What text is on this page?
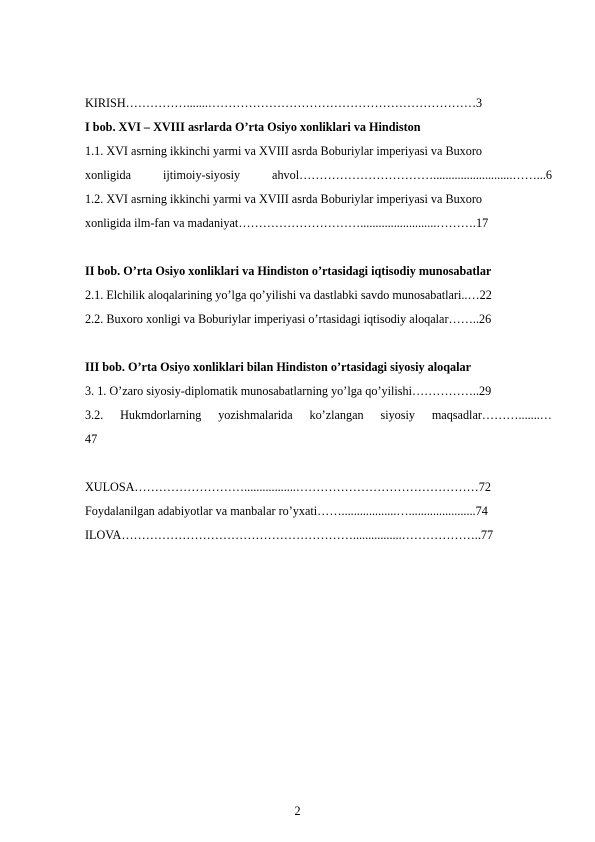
KIRISH…………….......…………………………………………………………3
I bob. XVI – XVIII asrlarda O’rta Osiyo xonliklari va Hindiston
1.1. XVI asrning ikkinchi yarmi va XVIII asrda Boburiylar imperiyasi va Buxoro
xonligida	ijtimoiy-siyosiy	ahvol……………………………..........................……...6
1.2. XVI asrning ikkinchi yarmi va XVIII asrda Boburiylar imperiyasi va Buxoro
xonligida ilm-fan va madaniyat………………………….........................……….17
II bob. O’rta Osiyo xonliklari va Hindiston o’rtasidagi iqtisodiy munosabatlar
2.1. Elchilik aloqalarining yo’lga qo’yilishi va dastlabki savdo munosabatlari..…22
2.2. Buxoro xonligi va Boburiylar imperiyasi o’rtasidagi iqtisodiy aloqalar……..26
III bob. O’rta Osiyo xonliklari bilan Hindiston o’rtasidagi siyosiy aloqalar
3. 1. O’zaro siyosiy-diplomatik munosabatlarning yo’lga qo’yilishi……………..29
3.2. Hukmdorlarning yozishmalarida ko’zlangan siyosiy maqsadlar……….......…
47
XULOSA……………………….................………………………………………72
Foydalanilgan adabiyotlar va manbalar ro’yxati……..................…......................74
ILOVA…………………………………………………................………………..77
2
